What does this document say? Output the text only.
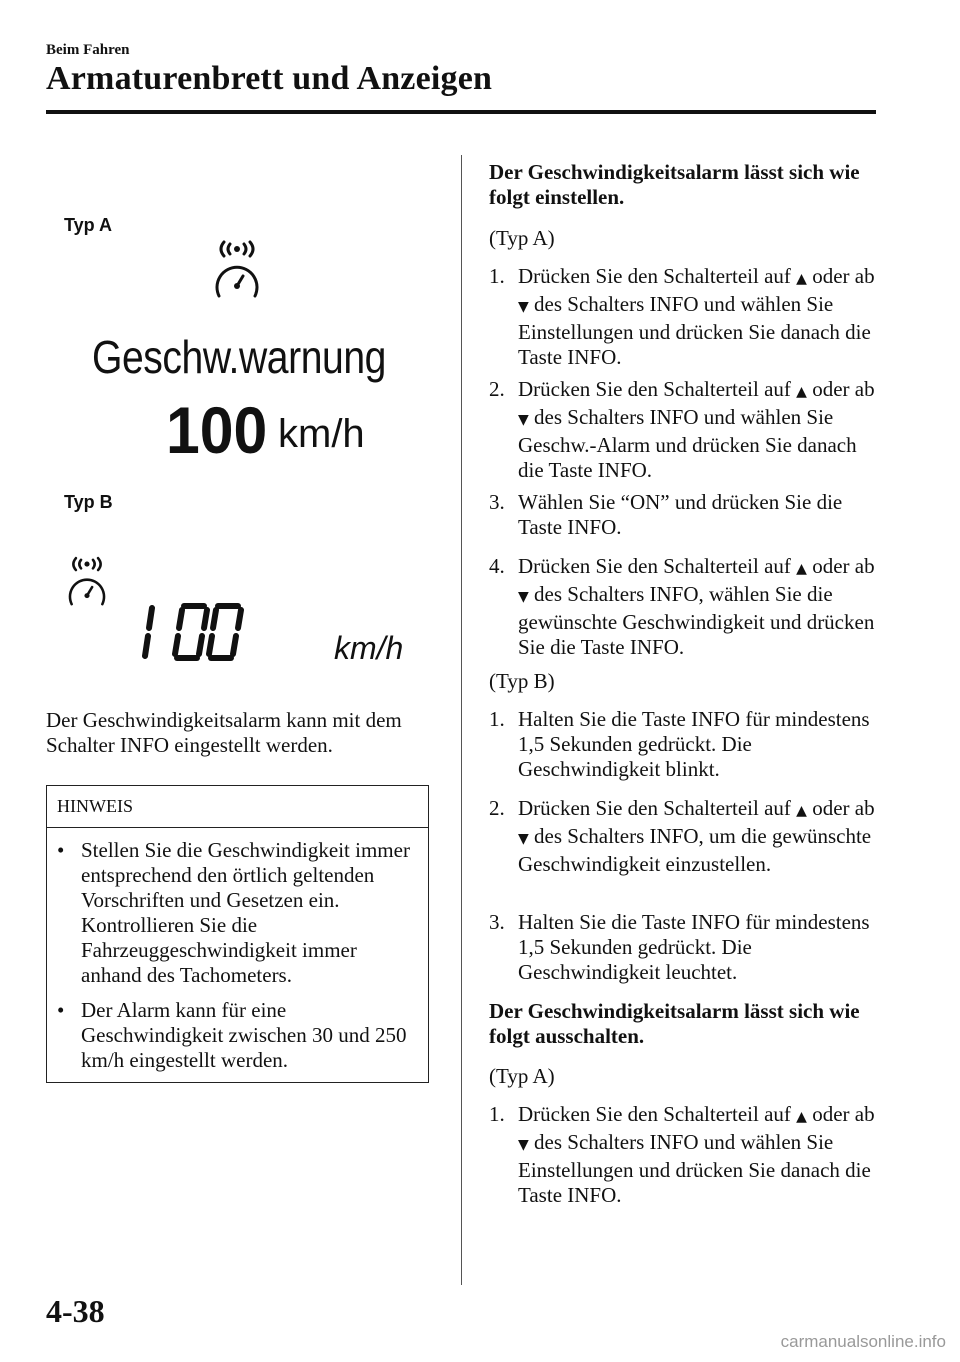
Beim Fahren
Armaturenbrett und Anzeigen
Typ A
Geschw.warnung
100 km/h
Typ B
km/h
Der Geschwindigkeitsalarm kann mit dem Schalter INFO eingestellt werden.
HINWEIS
• Stellen Sie die Geschwindigkeit immer entsprechend den örtlich geltenden Vorschriften und Gesetzen ein. Kontrollieren Sie die Fahrzeuggeschwindigkeit immer anhand des Tachometers.
• Der Alarm kann für eine Geschwindigkeit zwischen 30 und 250 km/h eingestellt werden.
Der Geschwindigkeitsalarm lässt sich wie folgt einstellen.
(Typ A)
1. Drücken Sie den Schalterteil auf ▲ oder ab ▼ des Schalters INFO und wählen Sie Einstellungen und drücken Sie danach die Taste INFO.
2. Drücken Sie den Schalterteil auf ▲ oder ab ▼ des Schalters INFO und wählen Sie Geschw.-Alarm und drücken Sie danach die Taste INFO.
3. Wählen Sie “ON” und drücken Sie die Taste INFO.
4. Drücken Sie den Schalterteil auf ▲ oder ab ▼ des Schalters INFO, wählen Sie die gewünschte Geschwindigkeit und drücken Sie die Taste INFO.
(Typ B)
1. Halten Sie die Taste INFO für mindestens 1,5 Sekunden gedrückt. Die Geschwindigkeit blinkt.
2. Drücken Sie den Schalterteil auf ▲ oder ab ▼ des Schalters INFO, um die gewünschte Geschwindigkeit einzustellen.
3. Halten Sie die Taste INFO für mindestens 1,5 Sekunden gedrückt. Die Geschwindigkeit leuchtet.
Der Geschwindigkeitsalarm lässt sich wie folgt ausschalten.
(Typ A)
1. Drücken Sie den Schalterteil auf ▲ oder ab ▼ des Schalters INFO und wählen Sie Einstellungen und drücken Sie danach die Taste INFO.
4-38
carmanualsonline.info
